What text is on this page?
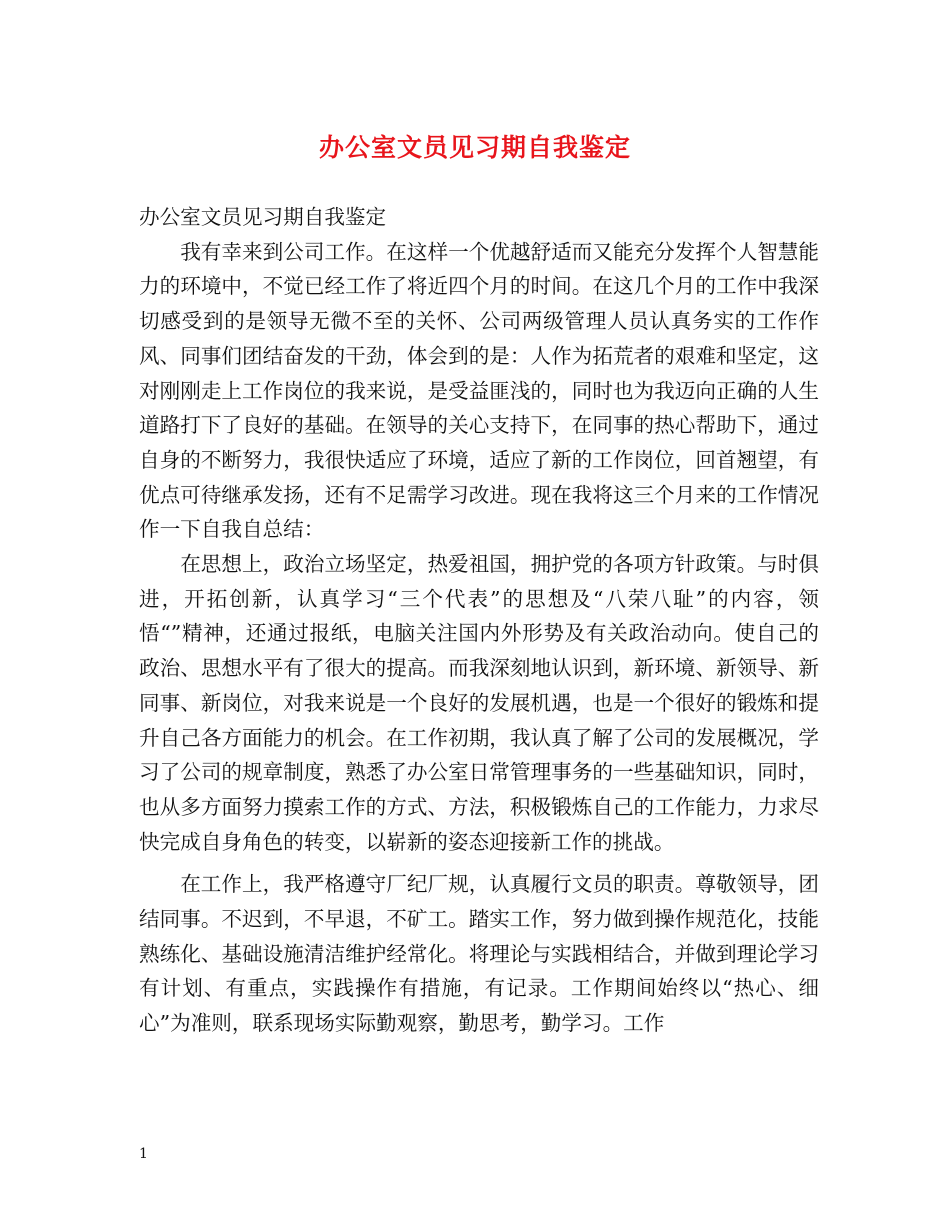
办公室文员见习期自我鉴定

办公室文员见习期自我鉴定

我有幸来到公司工作。在这样一个优越舒适而又能充分发挥个人智慧能力的环境中，不觉已经工作了将近四个月的时间。在这几个月的工作中我深切感受到的是领导无微不至的关怀、公司两级管理人员认真务实的工作作风、同事们团结奋发的干劲，体会到的是：人作为拓荒者的艰难和坚定，这对刚刚走上工作岗位的我来说，是受益匪浅的，同时也为我迈向正确的人生道路打下了良好的基础。在领导的关心支持下，在同事的热心帮助下，通过自身的不断努力，我很快适应了环境，适应了新的工作岗位，回首翘望，有优点可待继承发扬，还有不足需学习改进。现在我将这三个月来的工作情况作一下自我自总结：

在思想上，政治立场坚定，热爱祖国，拥护党的各项方针政策。与时俱进，开拓创新，认真学习“三个代表”的思想及“八荣八耻”的内容，领悟“”精神，还通过报纸，电脑关注国内外形势及有关政治动向。使自己的政治、思想水平有了很大的提高。而我深刻地认识到，新环境、新领导、新同事、新岗位，对我来说是一个良好的发展机遇，也是一个很好的锻炼和提升自己各方面能力的机会。在工作初期，我认真了解了公司的发展概况，学习了公司的规章制度，熟悉了办公室日常管理事务的一些基础知识，同时，也从多方面努力摸索工作的方式、方法，积极锻炼自己的工作能力，力求尽快完成自身角色的转变，以崭新的姿态迎接新工作的挑战。

在工作上，我严格遵守厂纪厂规，认真履行文员的职责。尊敬领导，团结同事。不迟到，不早退，不矿工。踏实工作，努力做到操作规范化，技能熟练化、基础设施清洁维护经常化。将理论与实践相结合，并做到理论学习有计划、有重点，实践操作有措施，有记录。工作期间始终以“热心、细心”为准则，联系现场实际勤观察，勤思考，勤学习。工作

1
